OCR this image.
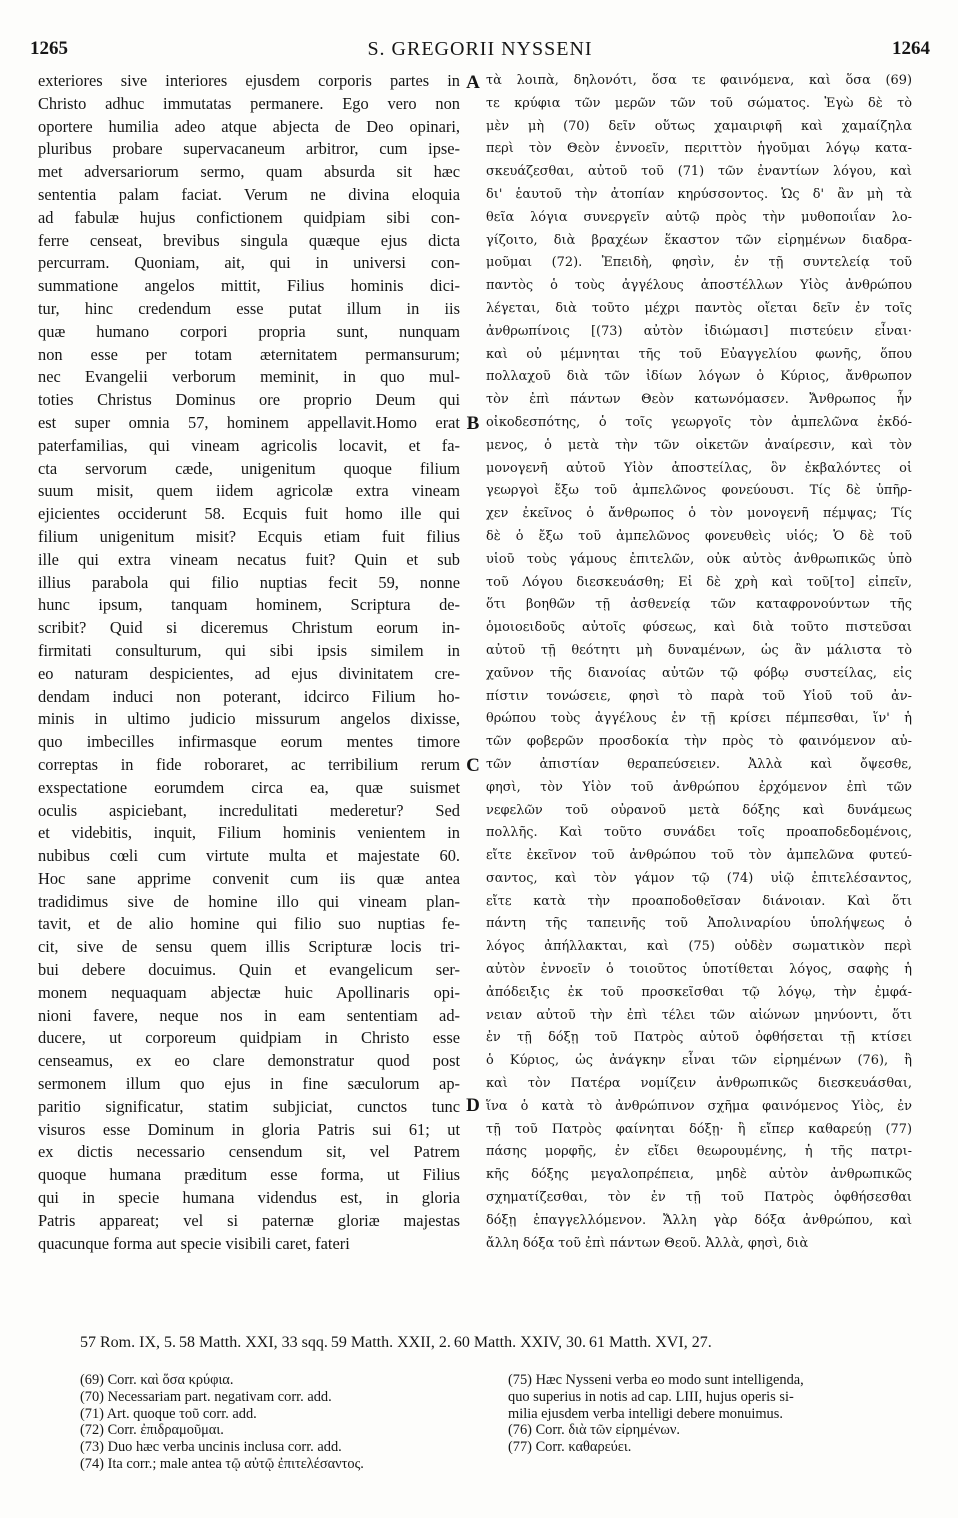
1265	S. GREGORII NYSSENI	1264
exteriores sive interiores ejusdem corporis partes in
Christo adhuc immutatas permanere. Ego vero non
oportere humilia adeo atque abjecta de Deo opinari,
pluribus probare supervacaneum arbitror, cum ipse-
met adversariorum sermo, quam absurda sit hæc
sententia palam faciat. Verum ne divina eloquia
ad fabulæ hujus confictionem quidpiam sibi con-
ferre censeat, brevibus singula quæque ejus dicta
percurram. Quoniam, ait, qui in universi con-
summatione angelos mittit, Filius hominis dici-
tur, hinc credendum esse putat illum in iis
quæ humano corpori propria sunt, nunquam
non esse per totam æternitatem permansurum;
nec Evangelii verborum meminit, in quo mul-
toties Christus Dominus ore proprio Deum qui
est super omnia 57, hominem appellavit.Homo erat
paterfamilias, qui vineam agricolis locavit, et fa-
cta servorum cæde, unigenitum quoque filium
suum misit, quem iidem agricolæ extra vineam
ejicientes occiderunt 58. Ecquis fuit homo ille qui
filium unigenitum misit? Ecquis etiam fuit filius
ille qui extra vineam necatus fuit? Quin et sub
illius parabola qui filio nuptias fecit 59, nonne
hunc ipsum, tanquam hominem, Scriptura de-
scribit? Quid si diceremus Christum eorum in-
firmitati consulturum, qui sibi ipsis similem in
eo naturam despicientes, ad ejus divinitatem cre-
dendam induci non poterant, idcirco Filium ho-
minis in ultimo judicio missurum angelos dixisse,
quo imbecilles infirmasque eorum mentes timore
correptas in fide roboraret, ac terribilium rerum
exspectatione eorumdem circa ea, quæ suismet
oculis aspiciebant, incredulitati mederetur? Sed
et videbitis, inquit, Filium hominis venientem in
nubibus cœli cum virtute multa et majestate 60.
Hoc sane apprime convenit cum iis quæ antea
tradidimus sive de homine illo qui vineam plan-
tavit, et de alio homine qui filio suo nuptias fe-
cit, sive de sensu quem illis Scripturæ locis tri-
bui debere docuimus. Quin et evangelicum ser-
monem nequaquam abjectæ huic Apollinaris opi-
nioni favere, neque nos in eam sententiam ad-
ducere, ut corporeum quidpiam in Christo esse
censeamus, ex eo clare demonstratur quod post
sermonem illum quo ejus in fine sæculorum ap-
paritio significatur, statim subjiciat, cunctos tunc
visuros esse Dominum in gloria Patris sui 61; ut
ex dictis necessario censendum sit, vel Patrem
quoque humana præditum esse forma, ut Filius
qui in specie humana videndus est, in gloria
Patris appareat; vel si paternæ gloriæ majestas
quacunque forma aut specie visibili caret, fateri
τὰ λοιπὰ, δηλονότι, ὅσα τε φαινόμενα, καὶ ὅσα (69)
τε κρύφια τῶν μερῶν τῶν τοῦ σώματος. Ἐγὼ δὲ τὸ
μὲν μὴ (70) δεῖν οὕτως χαμαιριφῆ καὶ χαμαίζηλα
περὶ τὸν Θεὸν ἐννοεῖν, περιττὸν ἡγοῦμαι λόγῳ κατα-
σκευάζεσθαι, αὐτοῦ τοῦ (71) τῶν ἐναντίων λόγου, καὶ
δι' ἑαυτοῦ τὴν ἀτοπίαν κηρύσσοντος. Ὡς δ' ἂν μὴ τὰ
θεῖα λόγια συνεργεῖν αὐτῷ πρὸς τὴν μυθοποιΐαν λο-
γίζοιτο, διὰ βραχέων ἕκαστον τῶν εἰρημένων διαδρα-
μοῦμαι (72). Ἐπειδὴ, φησὶν, ἐν τῇ συντελείᾳ τοῦ
παντὸς ὁ τοὺς ἀγγέλους ἀποστέλλων Υἱὸς ἀνθρώπου
λέγεται, διὰ τοῦτο μέχρι παντὸς οἴεται δεῖν ἐν τοῖς
ἀνθρωπίνοις [(73) αὐτὸν ἰδιώμασι] πιστεύειν εἶναι·
καὶ οὐ μέμνηται τῆς τοῦ Εὐαγγελίου φωνῆς, ὅπου
πολλαχοῦ διὰ τῶν ἰδίων λόγων ὁ Κύριος, ἄνθρωπον
τὸν ἐπὶ πάντων Θεὸν κατωνόμασεν. Ἄνθρωπος ἦν
οἰκοδεσπότης, ὁ τοῖς γεωργοῖς τὸν ἀμπελῶνα ἐκδό-
μενος, ὁ μετὰ τὴν τῶν οἰκετῶν ἀναίρεσιν, καὶ τὸν
μονογενῆ αὐτοῦ Υἱὸν ἀποστείλας, ὃν ἐκβαλόντες οἱ
γεωργοὶ ἔξω τοῦ ἀμπελῶνος φονεύουσι. Τίς δὲ ὑπῆρ-
χεν ἐκεῖνος ὁ ἄνθρωπος ὁ τὸν μονογενῆ πέμψας; Τίς
δὲ ὁ ἔξω τοῦ ἀμπελῶνος φονευθεὶς υἱός; Ὁ δὲ τοῦ
υἱοῦ τοὺς γάμους ἐπιτελῶν, οὐκ αὐτὸς ἀνθρωπικῶς ὑπὸ
τοῦ Λόγου διεσκευάσθη; Εἰ δὲ χρὴ καὶ τοῦ[το] εἰπεῖν,
ὅτι βοηθῶν τῇ ἀσθενείᾳ τῶν καταφρονούντων τῆς
ὁμοιοειδοῦς αὐτοῖς φύσεως, καὶ διὰ τοῦτο πιστεῦσαι
αὐτοῦ τῇ θεότητι μὴ δυναμένων, ὡς ἂν μάλιστα τὸ
χαῦνον τῆς διανοίας αὐτῶν τῷ φόβῳ συστείλας, εἰς
πίστιν τονώσειε, φησὶ τὸ παρὰ τοῦ Υἱοῦ τοῦ ἀν-
θρώπου τοὺς ἀγγέλους ἐν τῇ κρίσει πέμπεσθαι, ἵν' ἡ
τῶν φοβερῶν προσδοκία τὴν πρὸς τὸ φαινόμενον αὐ-
τῶν ἀπιστίαν θεραπεύσειεν. Ἀλλὰ καὶ ὄψεσθε,
φησὶ, τὸν Υἱὸν τοῦ ἀνθρώπου ἐρχόμενον ἐπὶ τῶν
νεφελῶν τοῦ οὐρανοῦ μετὰ δόξης καὶ δυνάμεως
πολλῆς. Καὶ τοῦτο συνάδει τοῖς προαποδεδομένοις,
εἴτε ἐκεῖνον τοῦ ἀνθρώπου τοῦ τὸν ἀμπελῶνα φυτεύ-
σαντος, καὶ τὸν γάμον τῷ (74) υἱῷ ἐπιτελέσαντος,
εἴτε κατὰ τὴν προαποδοθεῖσαν διάνοιαν. Καὶ ὅτι
πάντη τῆς ταπεινῆς τοῦ Ἀπολιναρίου ὑπολήψεως ὁ
λόγος ἀπήλλακται, καὶ (75) οὐδὲν σωματικὸν περὶ
αὐτὸν ἐννοεῖν ὁ τοιοῦτος ὑποτίθεται λόγος, σαφὴς ἡ
ἀπόδειξις ἐκ τοῦ προσκεῖσθαι τῷ λόγῳ, τὴν ἐμφά-
νειαν αὐτοῦ τὴν ἐπὶ τέλει τῶν αἰώνων μηνύοντι, ὅτι
ἐν τῇ δόξῃ τοῦ Πατρὸς αὐτοῦ ὀφθήσεται τῇ κτίσει
ὁ Κύριος, ὡς ἀνάγκην εἶναι τῶν εἰρημένων (76), ἢ
καὶ τὸν Πατέρα νομίζειν ἀνθρωπικῶς διεσκευάσθαι,
ἵνα ὁ κατὰ τὸ ἀνθρώπινον σχῆμα φαινόμενος Υἱὸς, ἐν
τῇ τοῦ Πατρὸς φαίνηται δόξῃ· ἢ εἴπερ καθαρεύῃ (77)
πάσης μορφῆς, ἐν εἴδει θεωρουμένης, ἡ τῆς πατρι-
κῆς δόξης μεγαλοπρέπεια, μηδὲ αὐτὸν ἀνθρωπικῶς
σχηματίζεσθαι, τὸν ἐν τῇ τοῦ Πατρὸς ὀφθήσεσθαι
δόξῃ ἐπαγγελλόμενον. Ἄλλη γὰρ δόξα ἀνθρώπου, καὶ
ἄλλη δόξα τοῦ ἐπὶ πάντων Θεοῦ. Ἀλλὰ, φησὶ, διὰ
A
B
C
D
57 Rom. IX, 5. 58 Matth. XXI, 33 sqq. 59 Matth. XXII, 2. 60 Matth. XXIV, 30. 61 Matth. XVI, 27.
(69) Corr. καὶ ὅσα κρύφια.
(70) Necessariam part. negativam corr. add.
(71) Art. quoque τοῦ corr. add.
(72) Corr. ἐπιδραμοῦμαι.
(73) Duo hæc verba uncinis inclusa corr. add.
(74) Ita corr.; male antea τῷ αὐτῷ ἐπιτελέσαντος.
(75) Hæc Nysseni verba eo modo sunt intelligenda,
quo superius in notis ad cap. LIII, hujus operis si-
milia ejusdem verba intelligi debere monuimus.
(76) Corr. διὰ τῶν εἰρημένων.
(77) Corr. καθαρεύει.
